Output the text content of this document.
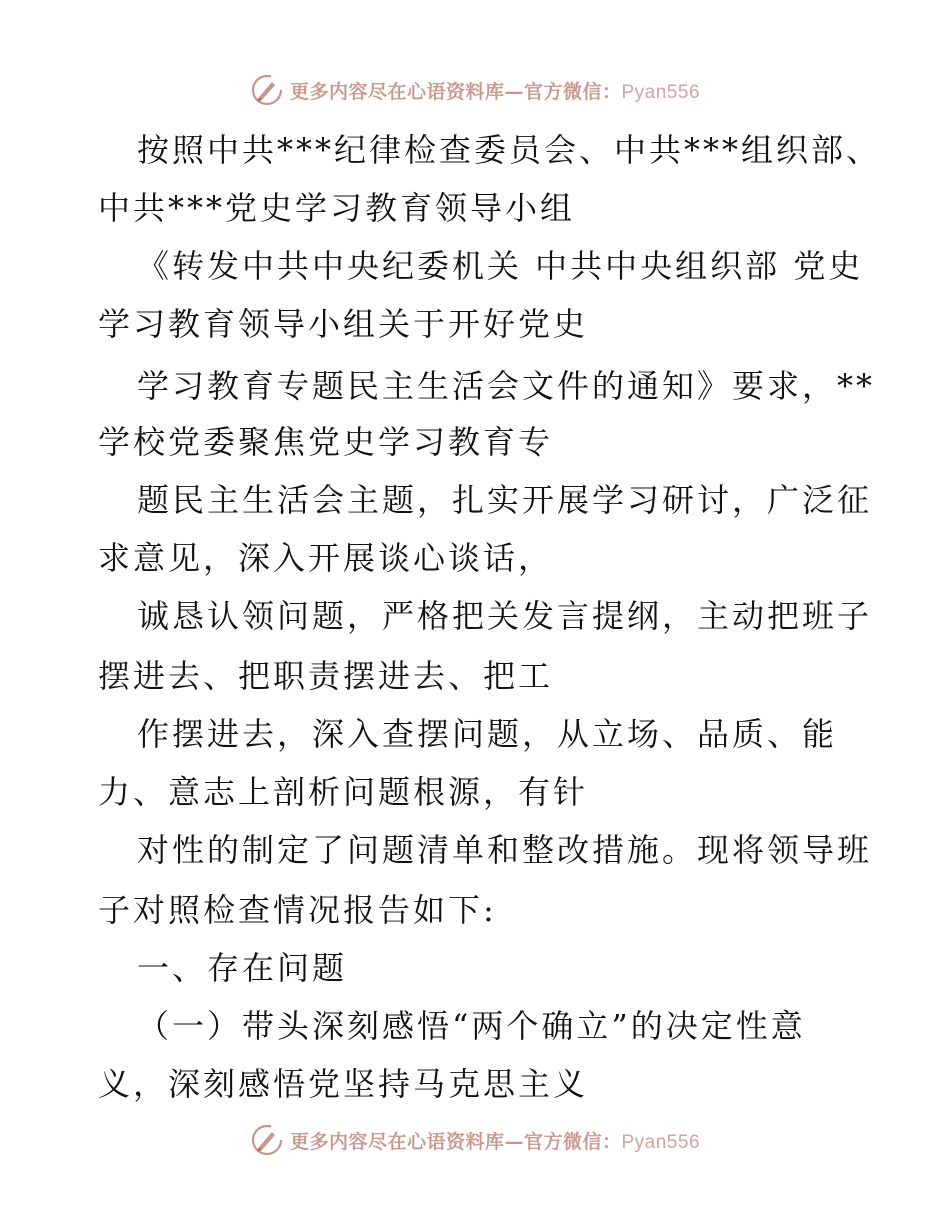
更多内容尽在心语资料库—官方微信：Pyan556
按照中共***纪律检查委员会、中共***组织部、
中共***党史学习教育领导小组
《转发中共中央纪委机关 中共中央组织部 党史
学习教育领导小组关于开好党史
学习教育专题民主生活会文件的通知》要求，**
学校党委聚焦党史学习教育专
题民主生活会主题，扎实开展学习研讨，广泛征
求意见，深入开展谈心谈话，
诚恳认领问题，严格把关发言提纲，主动把班子
摆进去、把职责摆进去、把工
作摆进去，深入查摆问题，从立场、品质、能
力、意志上剖析问题根源，有针
对性的制定了问题清单和整改措施。现将领导班
子对照检查情况报告如下:
一、存在问题
（一）带头深刻感悟“两个确立”的决定性意
义，深刻感悟党坚持马克思主义
更多内容尽在心语资料库—官方微信：Pyan556
